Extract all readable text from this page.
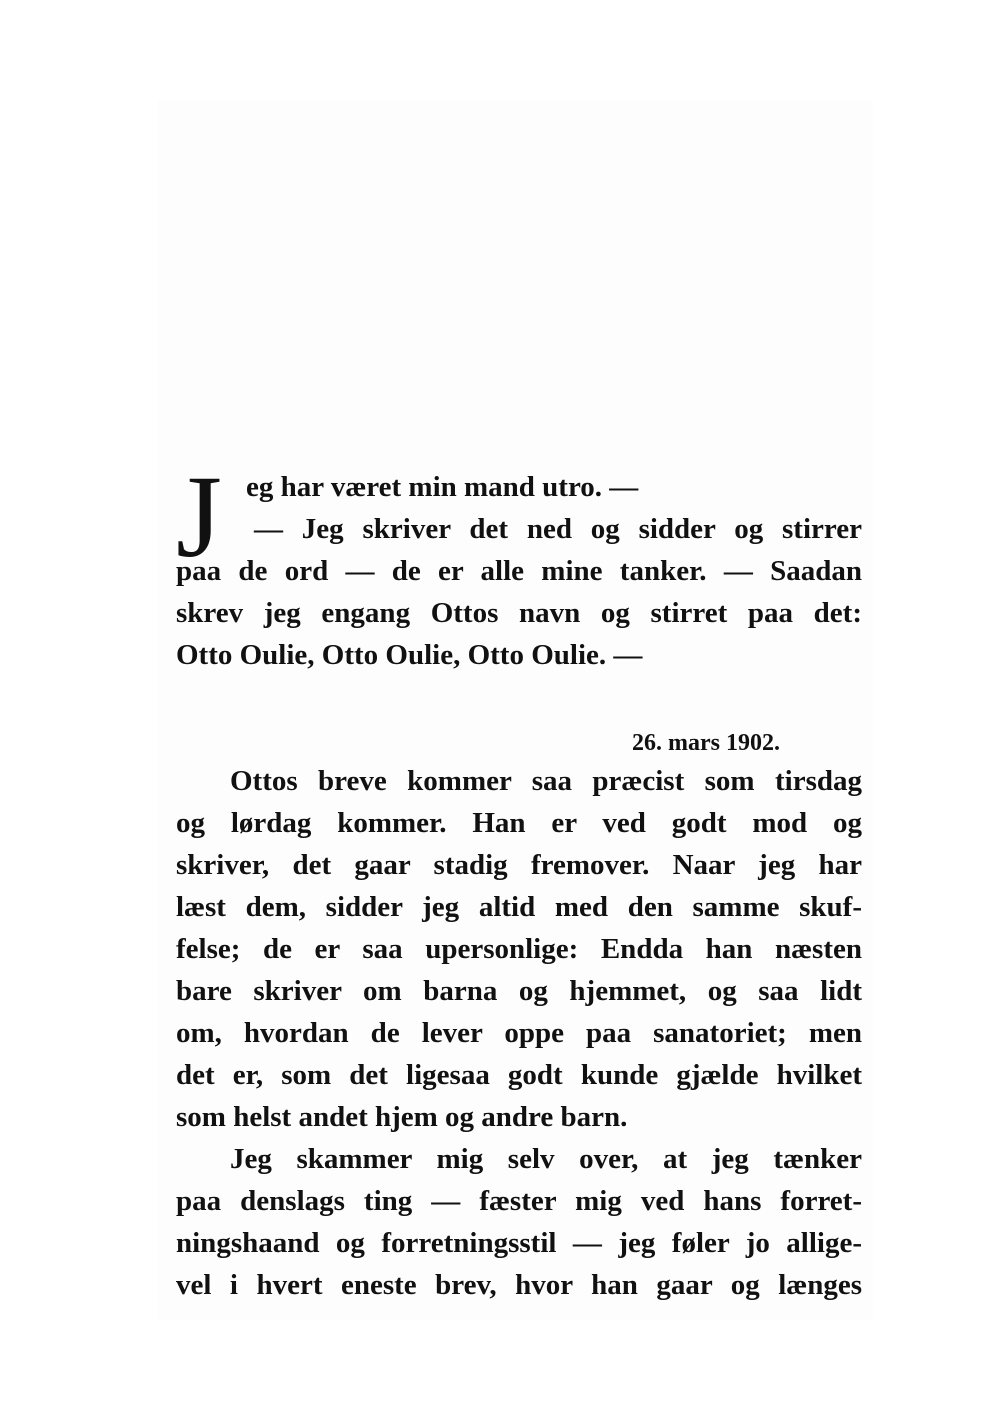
J eg har været min mand utro. —
— Jeg skriver det ned og sidder og stirrer
paa de ord — de er alle mine tanker. — Saadan
skrev jeg engang Ottos navn og stirret paa det:
Otto Oulie, Otto Oulie, Otto Oulie. —
26. mars 1902.
Ottos breve kommer saa præcist som tirsdag
og lørdag kommer. Han er ved godt mod og
skriver, det gaar stadig fremover. Naar jeg har
læst dem, sidder jeg altid med den samme skuf-
felse; de er saa upersonlige: Endda han næsten
bare skriver om barna og hjemmet, og saa lidt
om, hvordan de lever oppe paa sanatoriet; men
det er, som det ligesaa godt kunde gjælde hvilket
som helst andet hjem og andre barn.
Jeg skammer mig selv over, at jeg tænker
paa denslags ting — fæster mig ved hans forret-
ningshaand og forretningsstil — jeg føler jo allige-
vel i hvert eneste brev, hvor han gaar og længes
